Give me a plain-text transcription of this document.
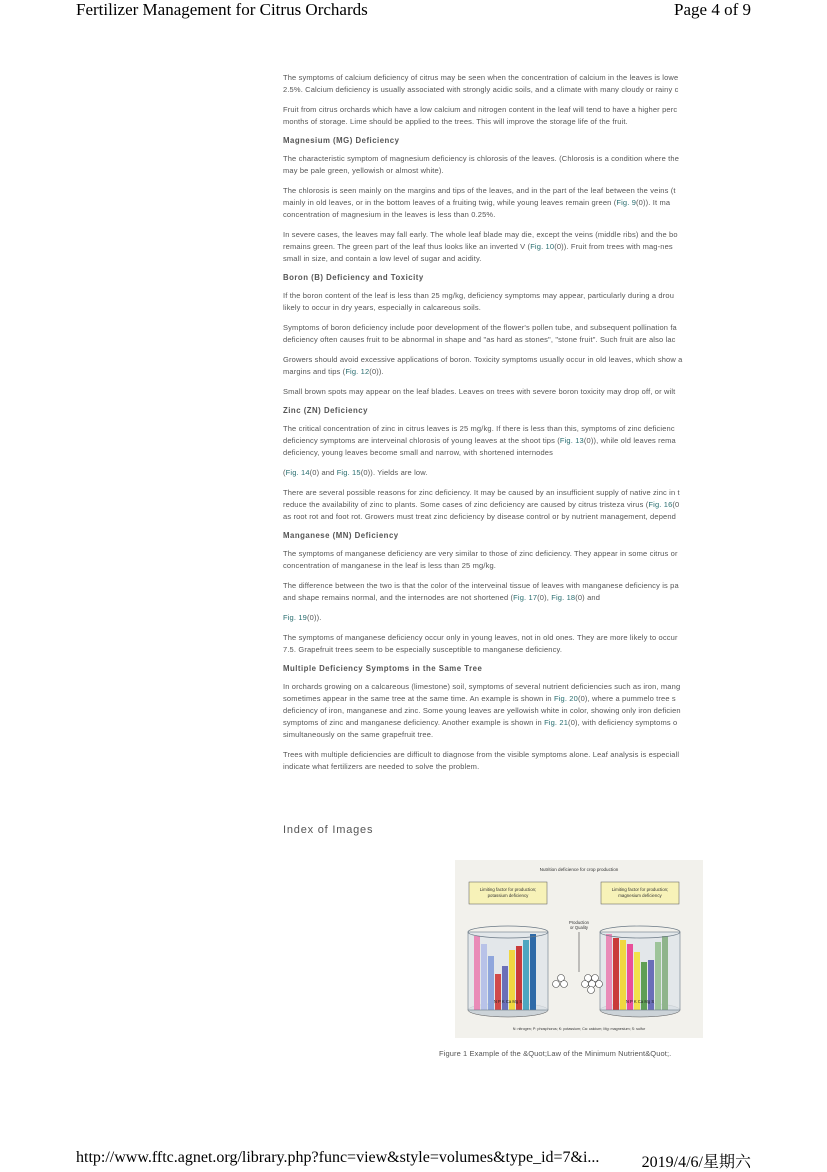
Fertilizer Management for Citrus Orchards	Page 4 of 9

The symptoms of calcium deficiency of citrus may be seen when the concentration of calcium in the leaves is lowe
2.5%. Calcium deficiency is usually associated with strongly acidic soils, and a climate with many cloudy or rainy c

Fruit from citrus orchards which have a low calcium and nitrogen content in the leaf will tend to have a higher perc
months of storage. Lime should be applied to the trees. This will improve the storage life of the fruit.

Magnesium (MG) Deficiency

The characteristic symptom of magnesium deficiency is chlorosis of the leaves. (Chlorosis is a condition where the
may be pale green, yellowish or almost white).

The chlorosis is seen mainly on the margins and tips of the leaves, and in the part of the leaf between the veins (t
mainly in old leaves, or in the bottom leaves of a fruiting twig, while young leaves remain green (Fig. 9(0)). It ma
concentration of magnesium in the leaves is less than 0.25%.

In severe cases, the leaves may fall early. The whole leaf blade may die, except the veins (middle ribs) and the bo
remains green. The green part of the leaf thus looks like an inverted V (Fig. 10(0)). Fruit from trees with mag-nes
small in size, and contain a low level of sugar and acidity.

Boron (B) Deficiency and Toxicity

If the boron content of the leaf is less than 25 mg/kg, deficiency symptoms may appear, particularly during a drou
likely to occur in dry years, especially in calcareous soils.

Symptoms of boron deficiency include poor development of the flower's pollen tube, and subsequent pollination fa
deficiency often causes fruit to be abnormal in shape and "as hard as stones", "stone fruit". Such fruit are also lac

Growers should avoid excessive applications of boron. Toxicity symptoms usually occur in old leaves, which show a
margins and tips (Fig. 12(0)).

Small brown spots may appear on the leaf blades. Leaves on trees with severe boron toxicity may drop off, or wilt

Zinc (ZN) Deficiency

The critical concentration of zinc in citrus leaves is 25 mg/kg. If there is less than this, symptoms of zinc deficienc
deficiency symptoms are interveinal chlorosis of young leaves at the shoot tips (Fig. 13(0)), while old leaves rema
deficiency, young leaves become small and narrow, with shortened internodes

(Fig. 14(0) and Fig. 15(0)). Yields are low.

There are several possible reasons for zinc deficiency. It may be caused by an insufficient supply of native zinc in t
reduce the availability of zinc to plants. Some cases of zinc deficiency are caused by citrus tristeza virus (Fig. 16(0
as root rot and foot rot. Growers must treat zinc deficiency by disease control or by nutrient management, depend

Manganese (MN) Deficiency

The symptoms of manganese deficiency are very similar to those of zinc deficiency. They appear in some citrus or
concentration of manganese in the leaf is less than 25 mg/kg.

The difference between the two is that the color of the interveinal tissue of leaves with manganese deficiency is pa
and shape remains normal, and the internodes are not shortened (Fig. 17(0), Fig. 18(0) and

Fig. 19(0)).

The symptoms of manganese deficiency occur only in young leaves, not in old ones. They are more likely to occur
7.5. Grapefruit trees seem to be especially susceptible to manganese deficiency.

Multiple Deficiency Symptoms in the Same Tree

In orchards growing on a calcareous (limestone) soil, symptoms of several nutrient deficiencies such as iron, mang
sometimes appear in the same tree at the same time. An example is shown in Fig. 20(0), where a pummelo tree s
deficiency of iron, manganese and zinc. Some young leaves are yellowish white in color, showing only iron deficien
symptoms of zinc and manganese deficiency. Another example is shown in Fig. 21(0), with deficiency symptoms o
simultaneously on the same grapefruit tree.

Trees with multiple deficiencies are difficult to diagnose from the visible symptoms alone. Leaf analysis is especiall
indicate what fertilizers are needed to solve the problem.

Index of Images
Nutrition deficience for crop production
Limiting factor for production;
potassium deficiency
Limiting factor for production;
magnesium deficiency
Production
or Quality
N P K Ca Mg S	N P K Ca Mg S
N: nitrogen; P: phosphorus; K: potassium; Ca: calcium; Mg: magnesium; S: sulfur
Figure 1 Example of the &Quot;Law of the Minimum Nutrient&Quot;.
http://www.fftc.agnet.org/library.php?func=view&style=volumes&type_id=7&i...	2019/4/6/星期六
